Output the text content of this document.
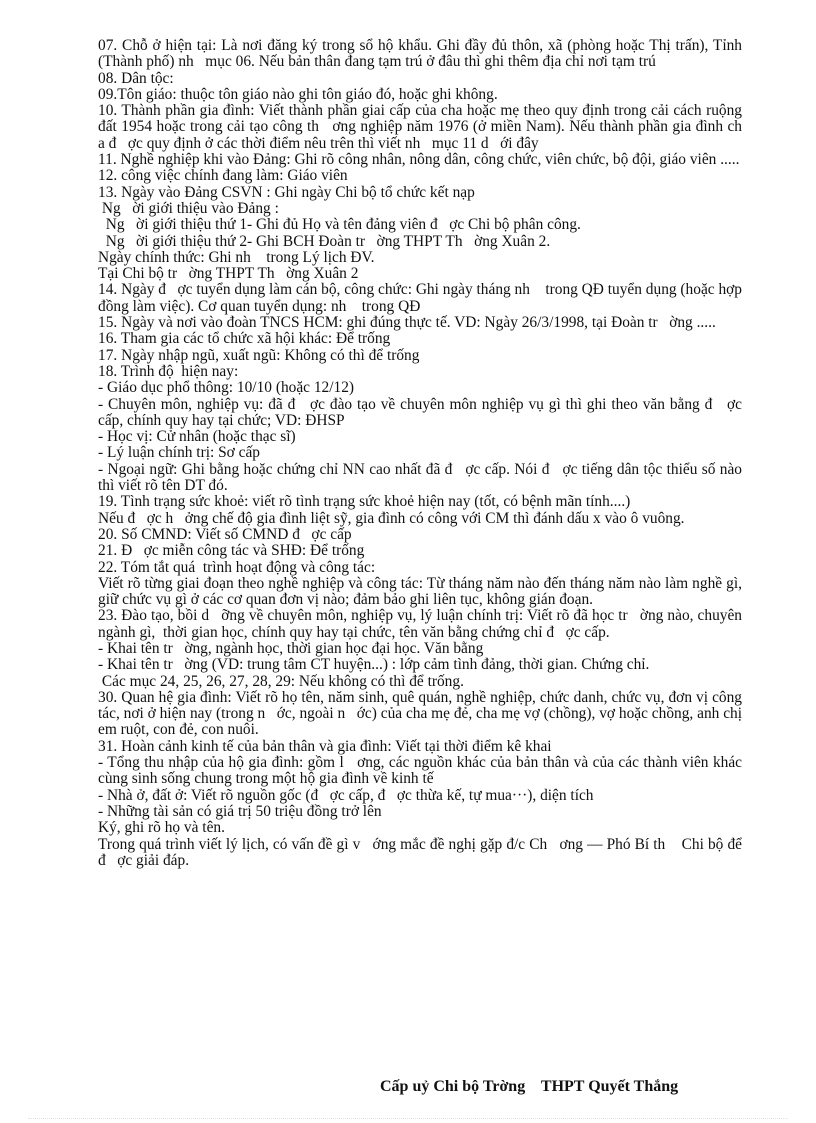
07. Chỗ ở hiện tại: Là nơi đăng ký trong sổ hộ khẩu. Ghi đầy đủ thôn, xã (phòng hoặc Thị trấn), Tỉnh (Thành phố) nh   mục 06. Nếu bản thân đang tạm trú ở đâu thì ghi thêm địa chỉ nơi tạm trú

08. Dân tộc:

09.Tôn giáo: thuộc tôn giáo nào ghi tôn giáo đó, hoặc ghi không.

10. Thành phần gia đình: Viết thành phần giai cấp của cha hoặc mẹ theo quy định trong cải cách ruộng đất 1954 hoặc trong cải tạo công th   ơng nghiệp năm 1976 (ở miền Nam). Nếu thành phần gia đình ch   a đ   ợc quy định ở các thời điểm nêu trên thì viết nh   mục 11 d   ới đây

11. Nghề nghiệp khi vào Đảng: Ghi rõ công nhân, nông dân, công chức, viên chức, bộ đội, giáo viên .....

12. công việc chính đang làm: Giáo viên

13. Ngày vào Đảng CSVN : Ghi ngày Chi bộ tổ chức kết nạp

Ng   ời giới thiệu vào Đảng :

Ng   ời giới thiệu thứ 1- Ghi đủ Họ và tên đảng viên đ   ợc Chi bộ phân công.

Ng   ời giới thiệu thứ 2- Ghi BCH Đoàn tr   ờng THPT Th   ờng Xuân 2.

Ngày chính thức: Ghi nh    trong Lý lịch ĐV.

Tại Chi bộ tr   ờng THPT Th   ờng Xuân 2

14. Ngày đ   ợc tuyển dụng làm cán bộ, công chức: Ghi ngày tháng nh    trong QĐ tuyển dụng (hoặc hợp đồng làm việc). Cơ quan tuyển dụng: nh    trong QĐ

15. Ngày và nơi vào đoàn TNCS HCM: ghi đúng thực tế. VD: Ngày 26/3/1998, tại Đoàn tr   ờng .....

16. Tham gia các tổ chức xã hội khác: Để trống

17. Ngày nhập ngũ, xuất ngũ: Không có thì để trống

18. Trình độ  hiện nay:

- Giáo dục phổ thông: 10/10 (hoặc 12/12)

- Chuyên môn, nghiệp vụ: đã đ   ợc đào tạo về chuyên môn nghiệp vụ gì thì ghi theo văn bằng đ   ợc cấp, chính quy hay tại chức; VD: ĐHSP

- Học vị: Cử nhân (hoặc thạc sĩ)

- Lý luận chính trị: Sơ cấp

- Ngoại ngữ: Ghi bằng hoặc chứng chỉ NN cao nhất đã đ   ợc cấp. Nói đ   ợc tiếng dân tộc thiểu số nào thì viết rõ tên DT đó.

19. Tình trạng sức khoẻ: viết rõ tình trạng sức khoẻ hiện nay (tốt, có bệnh mãn tính....)

Nếu đ   ợc h   ởng chế độ gia đình liệt sỹ, gia đình có công với CM thì đánh dấu x vào ô vuông.

20. Số CMND: Viết số CMND đ   ợc cấp

21. Đ   ợc miễn công tác và SHĐ: Để trống

22. Tóm tắt quá  trình hoạt động và công tác:

Viết rõ từng giai đoạn theo nghề nghiệp và công tác: Từ tháng năm nào đến tháng năm nào làm nghề gì, giữ chức vụ gì ở các cơ quan đơn vị nào; đảm bảo ghi liên tục, không gián đoạn.

23. Đào tạo, bồi d   ỡng về chuyên môn, nghiệp vụ, lý luận chính trị: Viết rõ đã học tr   ờng nào, chuyên ngành gì,  thời gian học, chính quy hay tại chức, tên văn bằng chứng chỉ đ   ợc cấp.

- Khai tên tr   ờng, ngành học, thời gian học đại học. Văn bằng

- Khai tên tr   ờng (VD: trung tâm CT huyện...) : lớp cảm tình đảng, thời gian. Chứng chỉ.

Các mục 24, 25, 26, 27, 28, 29: Nếu không có thì để trống.

30. Quan hệ gia đình: Viết rõ họ tên, năm sinh, quê quán, nghề nghiệp, chức danh, chức vụ, đơn vị công tác, nơi ở hiện nay (trong n   ớc, ngoài n   ớc) của cha mẹ đẻ, cha mẹ vợ (chồng), vợ hoặc chồng, anh chị em ruột, con đẻ, con nuôi.

31. Hoàn cảnh kinh tế của bản thân và gia đình: Viết tại thời điểm kê khai

- Tổng thu nhập của hộ gia đình: gồm l   ơng, các nguồn khác của bản thân và của các thành viên khác cùng sinh sống chung trong một hộ gia đình về kinh tế

- Nhà ở, đất ở: Viết rõ nguồn gốc (đ   ợc cấp, đ   ợc thừa kế, tự mua···), diện tích

- Những tài sản có giá trị 50 triệu đồng trở lên

Ký, ghi rõ họ và tên.

Trong quá trình viết lý lịch, có vấn đề gì v   ớng mắc đề nghị gặp đ/c Ch   ơng — Phó Bí th    Chi bộ để đ   ợc giải đáp.

Cấp uỷ Chi bộ Trờng    THPT Quyết Thắng
